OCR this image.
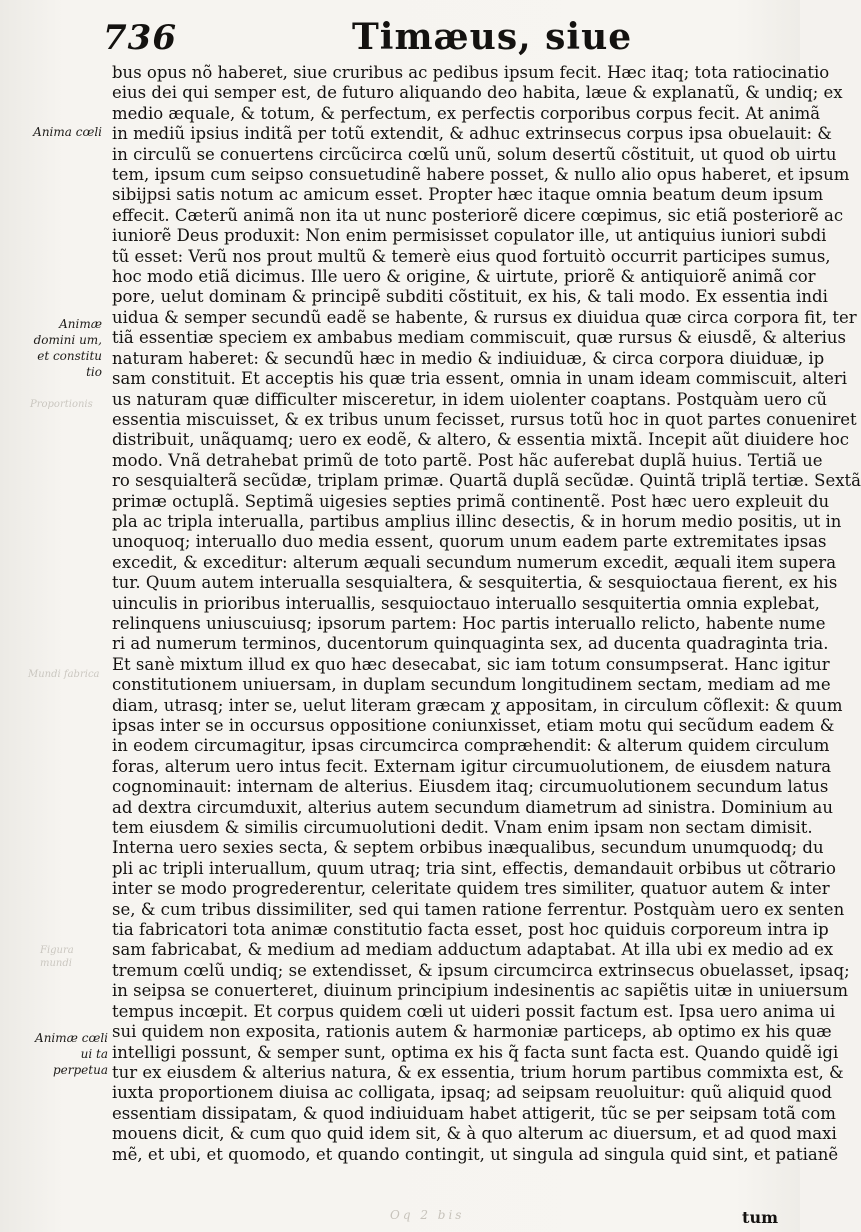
736	Timæus, siue
Anima cœli
Animæ domini um, et constitu tio
Animæ cœli ui ta perpetua
Proportionis
Mundi fabrica
Figura mundi
bus opus nõ haberet, siue cruribus ac pedibus ipsum fecit. Hæc itaq; tota ratiocinatio
eius dei qui semper est, de futuro aliquando deo habita, læue & explanatũ, & undiq; ex
medio æquale, & totum, & perfectum, ex perfectis corporibus corpus fecit. At animã
in mediũ ipsius inditã per totũ extendit, & adhuc extrinsecus corpus ipsa obuelauit: &
in circulũ se conuertens circũcirca cœlũ unũ, solum desertũ cõstituit, ut quod ob uirtu
tem, ipsum cum seipso consuetudinẽ habere posset, & nullo alio opus haberet, et ipsum
sibijpsi satis notum ac amicum esset. Propter hæc itaque omnia beatum deum ipsum
effecit. Cæterũ animã non ita ut nunc posteriorẽ dicere cœpimus, sic etiã posteriorẽ ac
iuniorẽ Deus produxit: Non enim permisisset copulator ille, ut antiquius iuniori subdi
tũ esset: Verũ nos prout multũ & temerè eius quod fortuitò occurrit participes sumus,
hoc modo etiã dicimus. Ille uero & origine, & uirtute, priorẽ & antiquiorẽ animã cor
pore, uelut dominam & principẽ subditi cõstituit, ex his, & tali modo. Ex essentia indi
uidua & semper secundũ eadẽ se habente, & rursus ex diuidua quæ circa corpora fit, ter
tiã essentiæ speciem ex ambabus mediam commiscuit, quæ rursus & eiusdẽ, & alterius
naturam haberet: & secundũ hæc in medio & indiuiduæ, & circa corpora diuiduæ, ip
sam constituit. Et acceptis his quæ tria essent, omnia in unam ideam commiscuit, alteri
us naturam quæ difficulter misceretur, in idem uiolenter coaptans. Postquàm uero cũ
essentia miscuisset, & ex tribus unum fecisset, rursus totũ hoc in quot partes conueniret
distribuit, unãquamq; uero ex eodẽ, & altero, & essentia mixtã. Incepit aũt diuidere hoc
modo. Vnã detrahebat primũ de toto partẽ. Post hãc auferebat duplã huius. Tertiã ue
ro sesquialterã secũdæ, triplam primæ. Quartã duplã secũdæ. Quintã triplã tertiæ. Sextã
primæ octuplã. Septimã uigesies septies primã continentẽ. Post hæc uero expleuit du
pla ac tripla interualla, partibus amplius illinc desectis, & in horum medio positis, ut in
unoquoq; interuallo duo media essent, quorum unum eadem parte extremitates ipsas
excedit, & exceditur: alterum æquali secundum numerum excedit, æquali item supera
tur. Quum autem interualla sesquialtera, & sesquitertia, & sesquioctaua fierent, ex his
uinculis in prioribus interuallis, sesquioctauo interuallo sesquitertia omnia explebat,
relinquens uniuscuiusq; ipsorum partem: Hoc partis interuallo relicto, habente nume
ri ad numerum terminos, ducentorum quinquaginta sex, ad ducenta quadraginta tria.
Et sanè mixtum illud ex quo hæc desecabat, sic iam totum consumpserat. Hanc igitur
constitutionem uniuersam, in duplam secundum longitudinem sectam, mediam ad me
diam, utrasq; inter se, uelut literam græcam χ appositam, in circulum cõflexit: & quum
ipsas inter se in occursus oppositione coniunxisset, etiam motu qui secũdum eadem &
in eodem circumagitur, ipsas circumcirca compræhendit: & alterum quidem circulum
foras, alterum uero intus fecit. Externam igitur circumuolutionem, de eiusdem natura
cognominauit: internam de alterius. Eiusdem itaq; circumuolutionem secundum latus
ad dextra circumduxit, alterius autem secundum diametrum ad sinistra. Dominium au
tem eiusdem & similis circumuolutioni dedit. Vnam enim ipsam non sectam dimisit.
Interna uero sexies secta, & septem orbibus inæqualibus, secundum unumquodq; du
pli ac tripli interuallum, quum utraq; tria sint, effectis, demandauit orbibus ut cõtrario
inter se modo progrederentur, celeritate quidem tres similiter, quatuor autem & inter
se, & cum tribus dissimiliter, sed qui tamen ratione ferrentur. Postquàm uero ex senten
tia fabricatori tota animæ constitutio facta esset, post hoc quiduis corporeum intra ip
sam fabricabat, & medium ad mediam adductum adaptabat. At illa ubi ex medio ad ex
tremum cœlũ undiq; se extendisset, & ipsum circumcirca extrinsecus obuelasset, ipsaq;
in seipsa se conuerteret, diuinum principium indesinentis ac sapiẽtis uitæ in uniuersum
tempus incœpit. Et corpus quidem cœli ut uideri possit factum est. Ipsa uero anima ui
sui quidem non exposita, rationis autem & harmoniæ particeps, ab optimo ex his quæ
intelligi possunt, & semper sunt, optima ex his q̃ facta sunt facta est. Quando quidẽ igi
tur ex eiusdem & alterius natura, & ex essentia, trium horum partibus commixta est, &
iuxta proportionem diuisa ac colligata, ipsaq; ad seipsam reuoluitur: quũ aliquid quod
essentiam dissipatam, & quod indiuiduam habet attigerit, tũc se per seipsam totã com
mouens dicit, & cum quo quid idem sit, & à quo alterum ac diuersum, et ad quod maxi
mẽ, et ubi, et quomodo, et quando contingit, ut singula ad singula quid sint, et patianẽ
Oq 2 bis	tum
